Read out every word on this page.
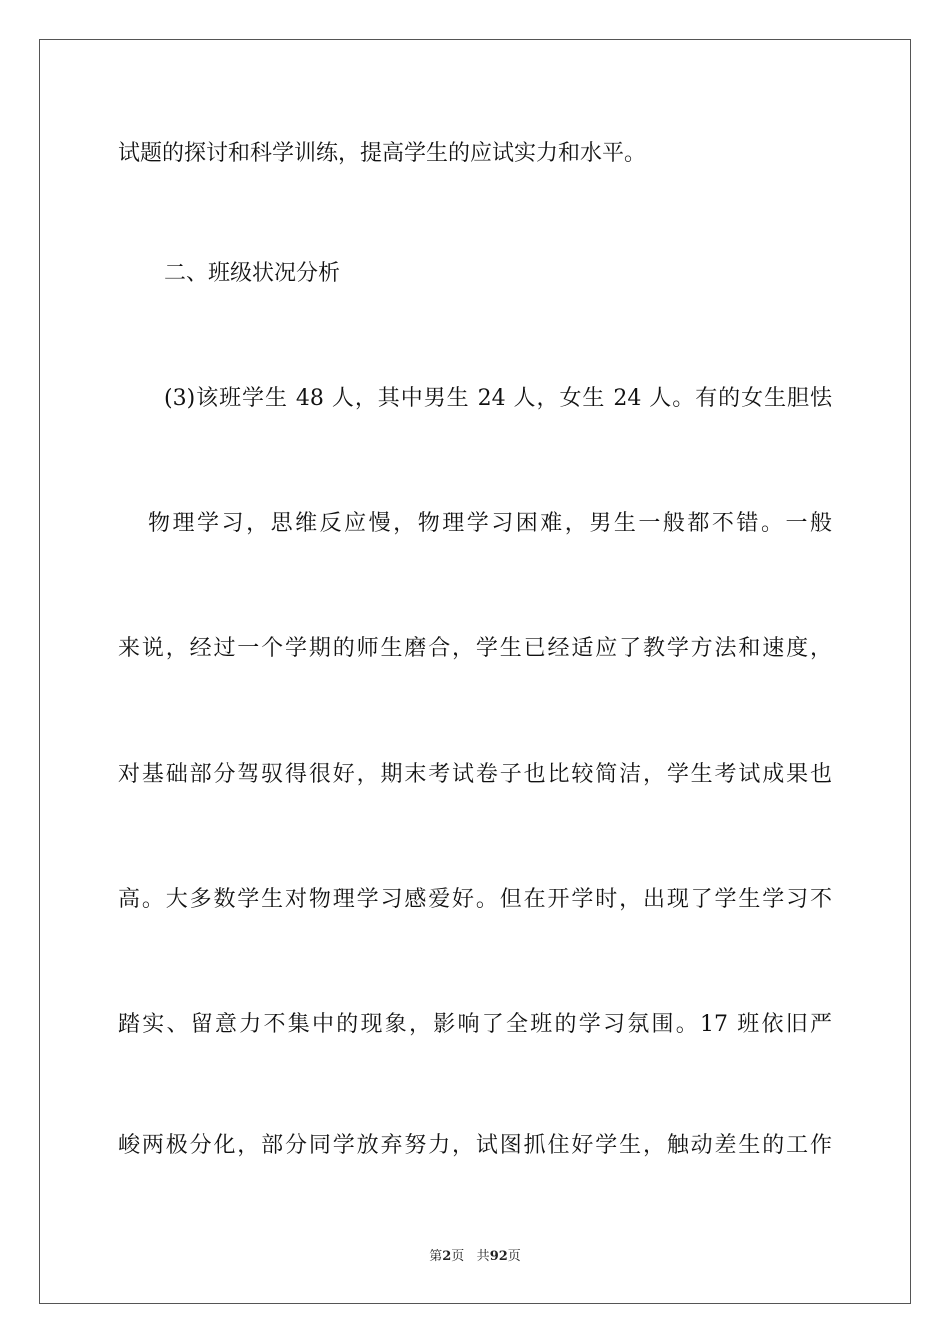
试题的探讨和科学训练，提高学生的应试实力和水平。
二、班级状况分析
(3)该班学生 48 人，其中男生 24 人，女生 24 人。有的女生胆怯
物理学习，思维反应慢，物理学习困难，男生一般都不错。一般
来说，经过一个学期的师生磨合，学生已经适应了教学方法和速度，
对基础部分驾驭得很好，期末考试卷子也比较简洁，学生考试成果也
高。大多数学生对物理学习感爱好。但在开学时，出现了学生学习不
踏实、留意力不集中的现象，影响了全班的学习氛围。17 班依旧严
峻两极分化，部分同学放弃努力，试图抓住好学生，触动差生的工作
第2页 共92页
